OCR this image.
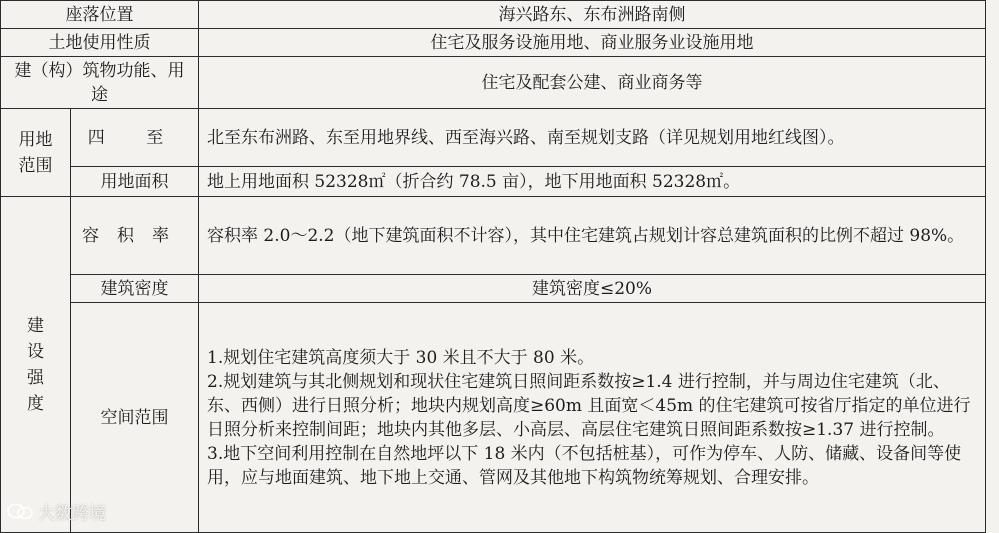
座落位置		海兴路东、东布洲路南侧
土地使用性质		住宅及服务设施用地、商业服务业设施用地
建（构）筑物功能、用途		住宅及配套公建、商业商务等
用地范围	四 至	北至东布洲路、东至用地界线、西至海兴路、南至规划支路（详见规划用地红线图）。
	用地面积	地上用地面积 52328㎡（折合约 78.5 亩），地下用地面积 52328㎡。
建设强度	容积率	容积率 2.0～2.2（地下建筑面积不计容），其中住宅建筑占规划计容总建筑面积的比例不超过 98%。
	建筑密度	建筑密度≤20%
	空间范围	1.规划住宅建筑高度须大于 30 米且不大于 80 米。
2.规划建筑与其北侧规划和现状住宅建筑日照间距系数按≥1.4 进行控制，并与周边住宅建筑（北、东、西侧）进行日照分析；地块内规划高度≥60m 且面宽＜45m 的住宅建筑可按省厅指定的单位进行日照分析来控制间距；地块内其他多层、小高层、高层住宅建筑日照间距系数按≥1.37 进行控制。
3.地下空间利用控制在自然地坪以下 18 米内（不包括桩基），可作为停车、人防、储藏、设备间等使用，应与地面建筑、地下地上交通、管网及其他地下构筑物统筹规划、合理安排。
大数跨境
